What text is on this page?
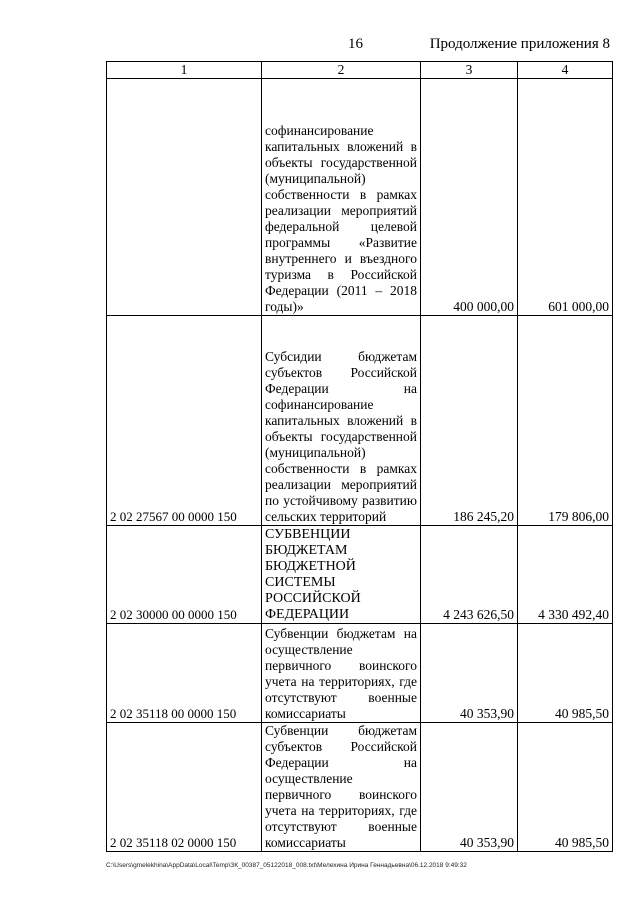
16	Продолжение приложения 8
1	2	3	4
	софинансирование капитальных вложений в объекты государственной (муниципальной) собственности в рамках реализации мероприятий федеральной целевой программы «Развитие внутреннего и въездного туризма в Российской Федерации (2011 – 2018 годы)»	400 000,00	601 000,00
2 02 27567 00 0000 150	Субсидии бюджетам субъектов Российской Федерации на софинансирование капитальных вложений в объекты государственной (муниципальной) собственности в рамках реализации мероприятий по устойчивому развитию сельских территорий	186 245,20	179 806,00
2 02 30000 00 0000 150	СУБВЕНЦИИ БЮДЖЕТАМ БЮДЖЕТНОЙ СИСТЕМЫ РОССИЙСКОЙ ФЕДЕРАЦИИ	4 243 626,50	4 330 492,40
2 02 35118 00 0000 150	Субвенции бюджетам на осуществление первичного воинского учета на территориях, где отсутствуют военные комиссариаты	40 353,90	40 985,50
2 02 35118 02 0000 150	Субвенции бюджетам субъектов Российской Федерации на осуществление первичного воинского учета на территориях, где отсутствуют военные комиссариаты	40 353,90	40 985,50
C:\Users\gmelekhina\AppData\Local\Temp\ЗК_00387_05122018_008.txt\Мелехина Ирина Геннадьевна\06.12.2018 9:49:32
